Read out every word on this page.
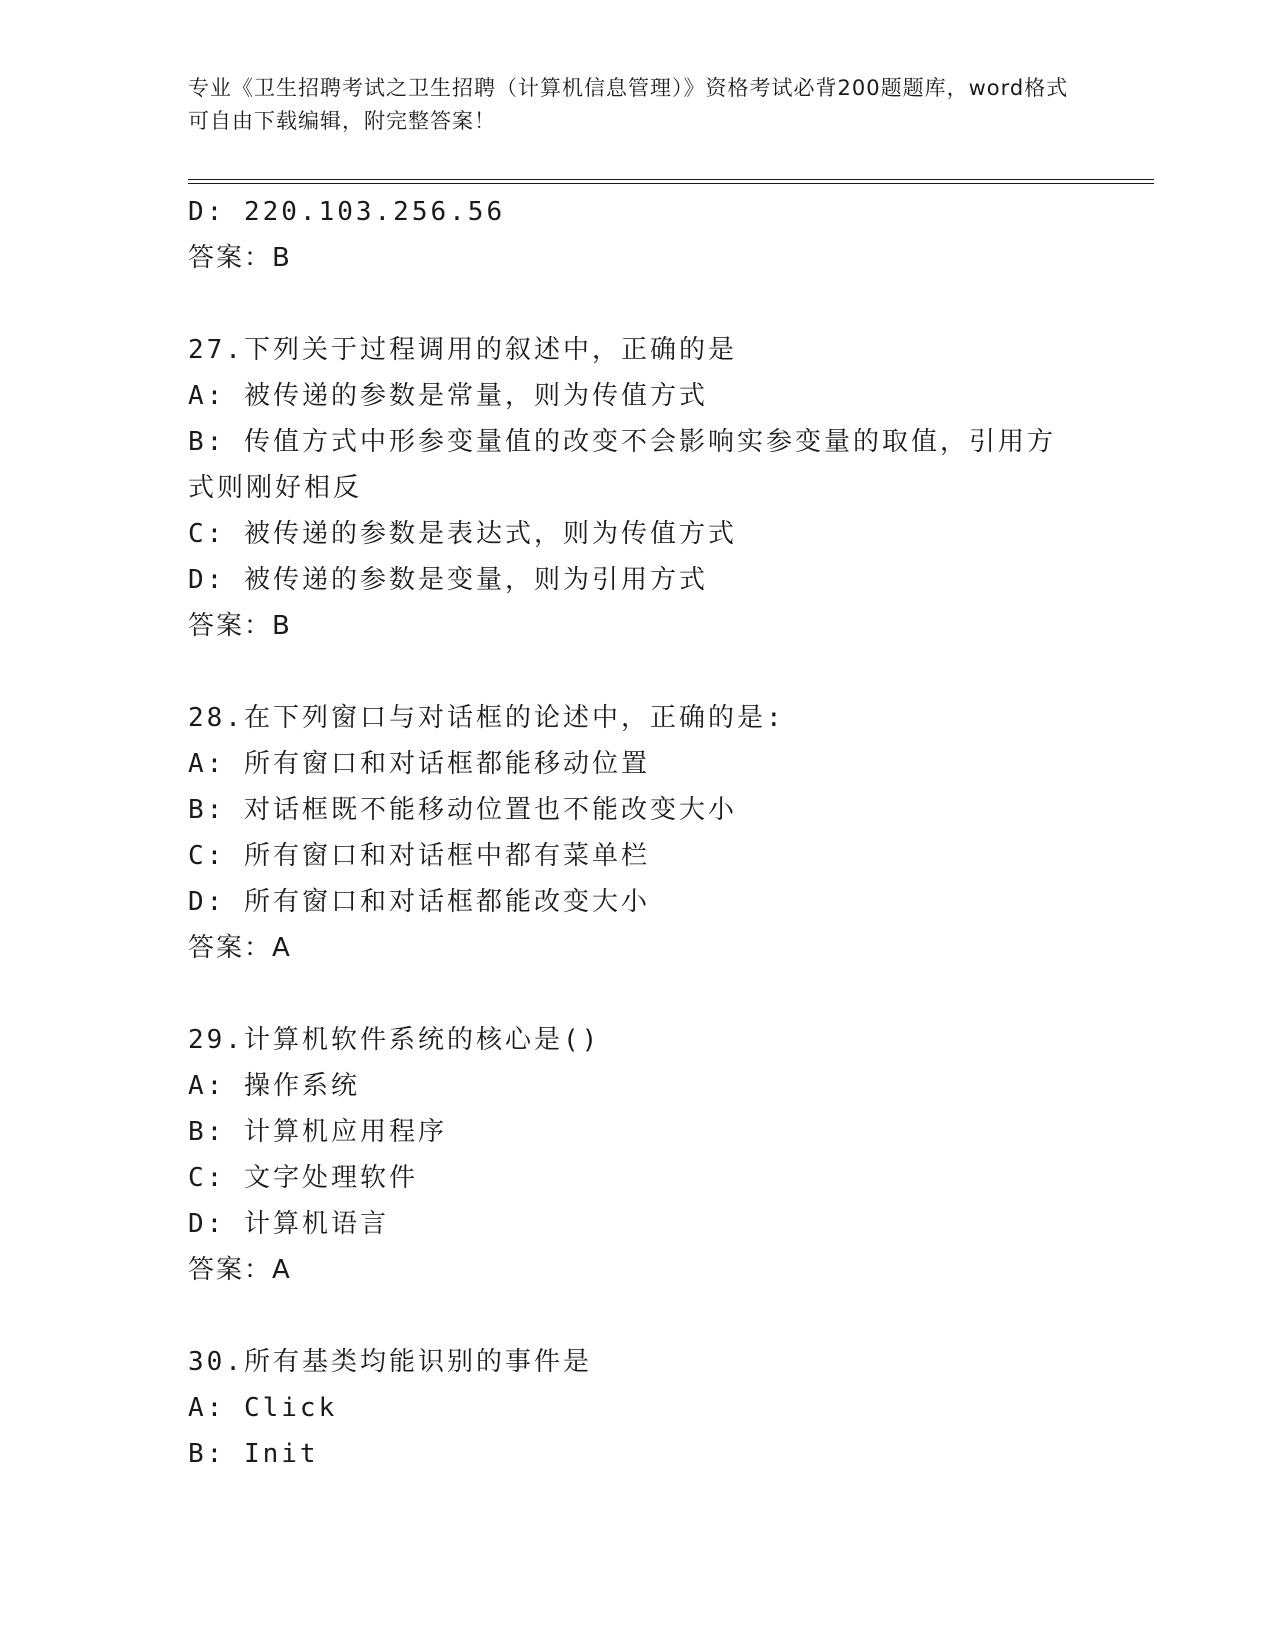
专业《卫生招聘考试之卫生招聘（计算机信息管理）》资格考试必背200题题库，word格式可自由下载编辑，附完整答案！
D: 220.103.256.56
答案：B
27.下列关于过程调用的叙述中，正确的是
A: 被传递的参数是常量，则为传值方式
B: 传值方式中形参变量值的改变不会影响实参变量的取值，引用方式则刚好相反
C: 被传递的参数是表达式，则为传值方式
D: 被传递的参数是变量，则为引用方式
答案：B
28.在下列窗口与对话框的论述中，正确的是:
A: 所有窗口和对话框都能移动位置
B: 对话框既不能移动位置也不能改变大小
C: 所有窗口和对话框中都有菜单栏
D: 所有窗口和对话框都能改变大小
答案：A
29.计算机软件系统的核心是()
A: 操作系统
B: 计算机应用程序
C: 文字处理软件
D: 计算机语言
答案：A
30.所有基类均能识别的事件是
A: Click
B: Init
